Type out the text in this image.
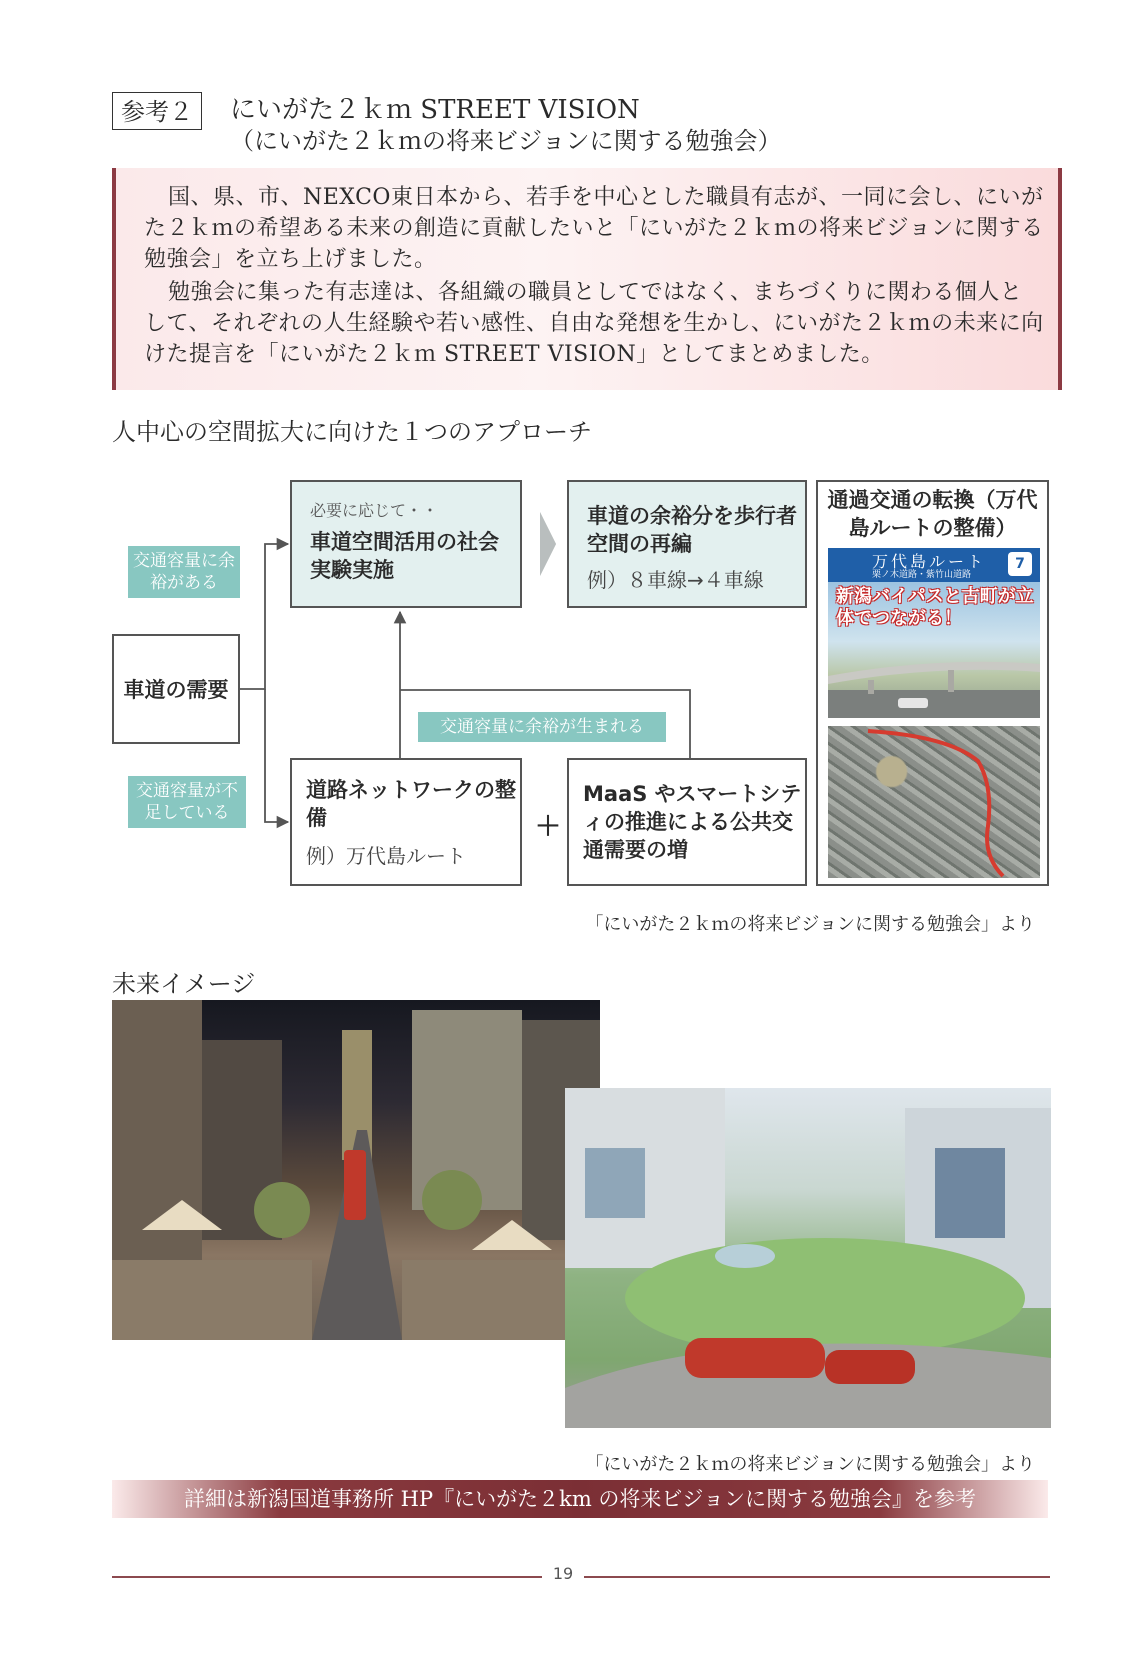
参考２	にいがた２ｋｍ STREET VISION
（にいがた２ｋｍの将来ビジョンに関する勉強会）

国、県、市、NEXCO東日本から、若手を中心とした職員有志が、一同に会し、にいがた２ｋｍの希望ある未来の創造に貢献したいと「にいがた２ｋｍの将来ビジョンに関する勉強会」を立ち上げました。

勉強会に集った有志達は、各組織の職員としてではなく、まちづくりに関わる個人として、それぞれの人生経験や若い感性、自由な発想を生かし、にいがた２ｋｍの未来に向けた提言を「にいがた２ｋｍ STREET VISION」としてまとめました。

人中心の空間拡大に向けた１つのアプローチ
車道の需要
交通容量に余裕がある
交通容量が不足している
交通容量に余裕が生まれる
必要に応じて・・
車道空間活用の社会実験実施
車道の余裕分を歩行者空間の再編
例）８車線→４車線
道路ネットワークの整備
例）万代島ルート
＋
MaaS やスマートシティの推進による公共交通需要の増
通過交通の転換（万代島ルートの整備）
万代島ルート
栗ノ木道路・紫竹山道路
7
新潟バイパスと古町が立体でつながる！
「にいがた２ｋｍの将来ビジョンに関する勉強会」より
未来イメージ
「にいがた２ｋｍの将来ビジョンに関する勉強会」より
詳細は新潟国道事務所 HP『にいがた２km の将来ビジョンに関する勉強会』を参考
19
